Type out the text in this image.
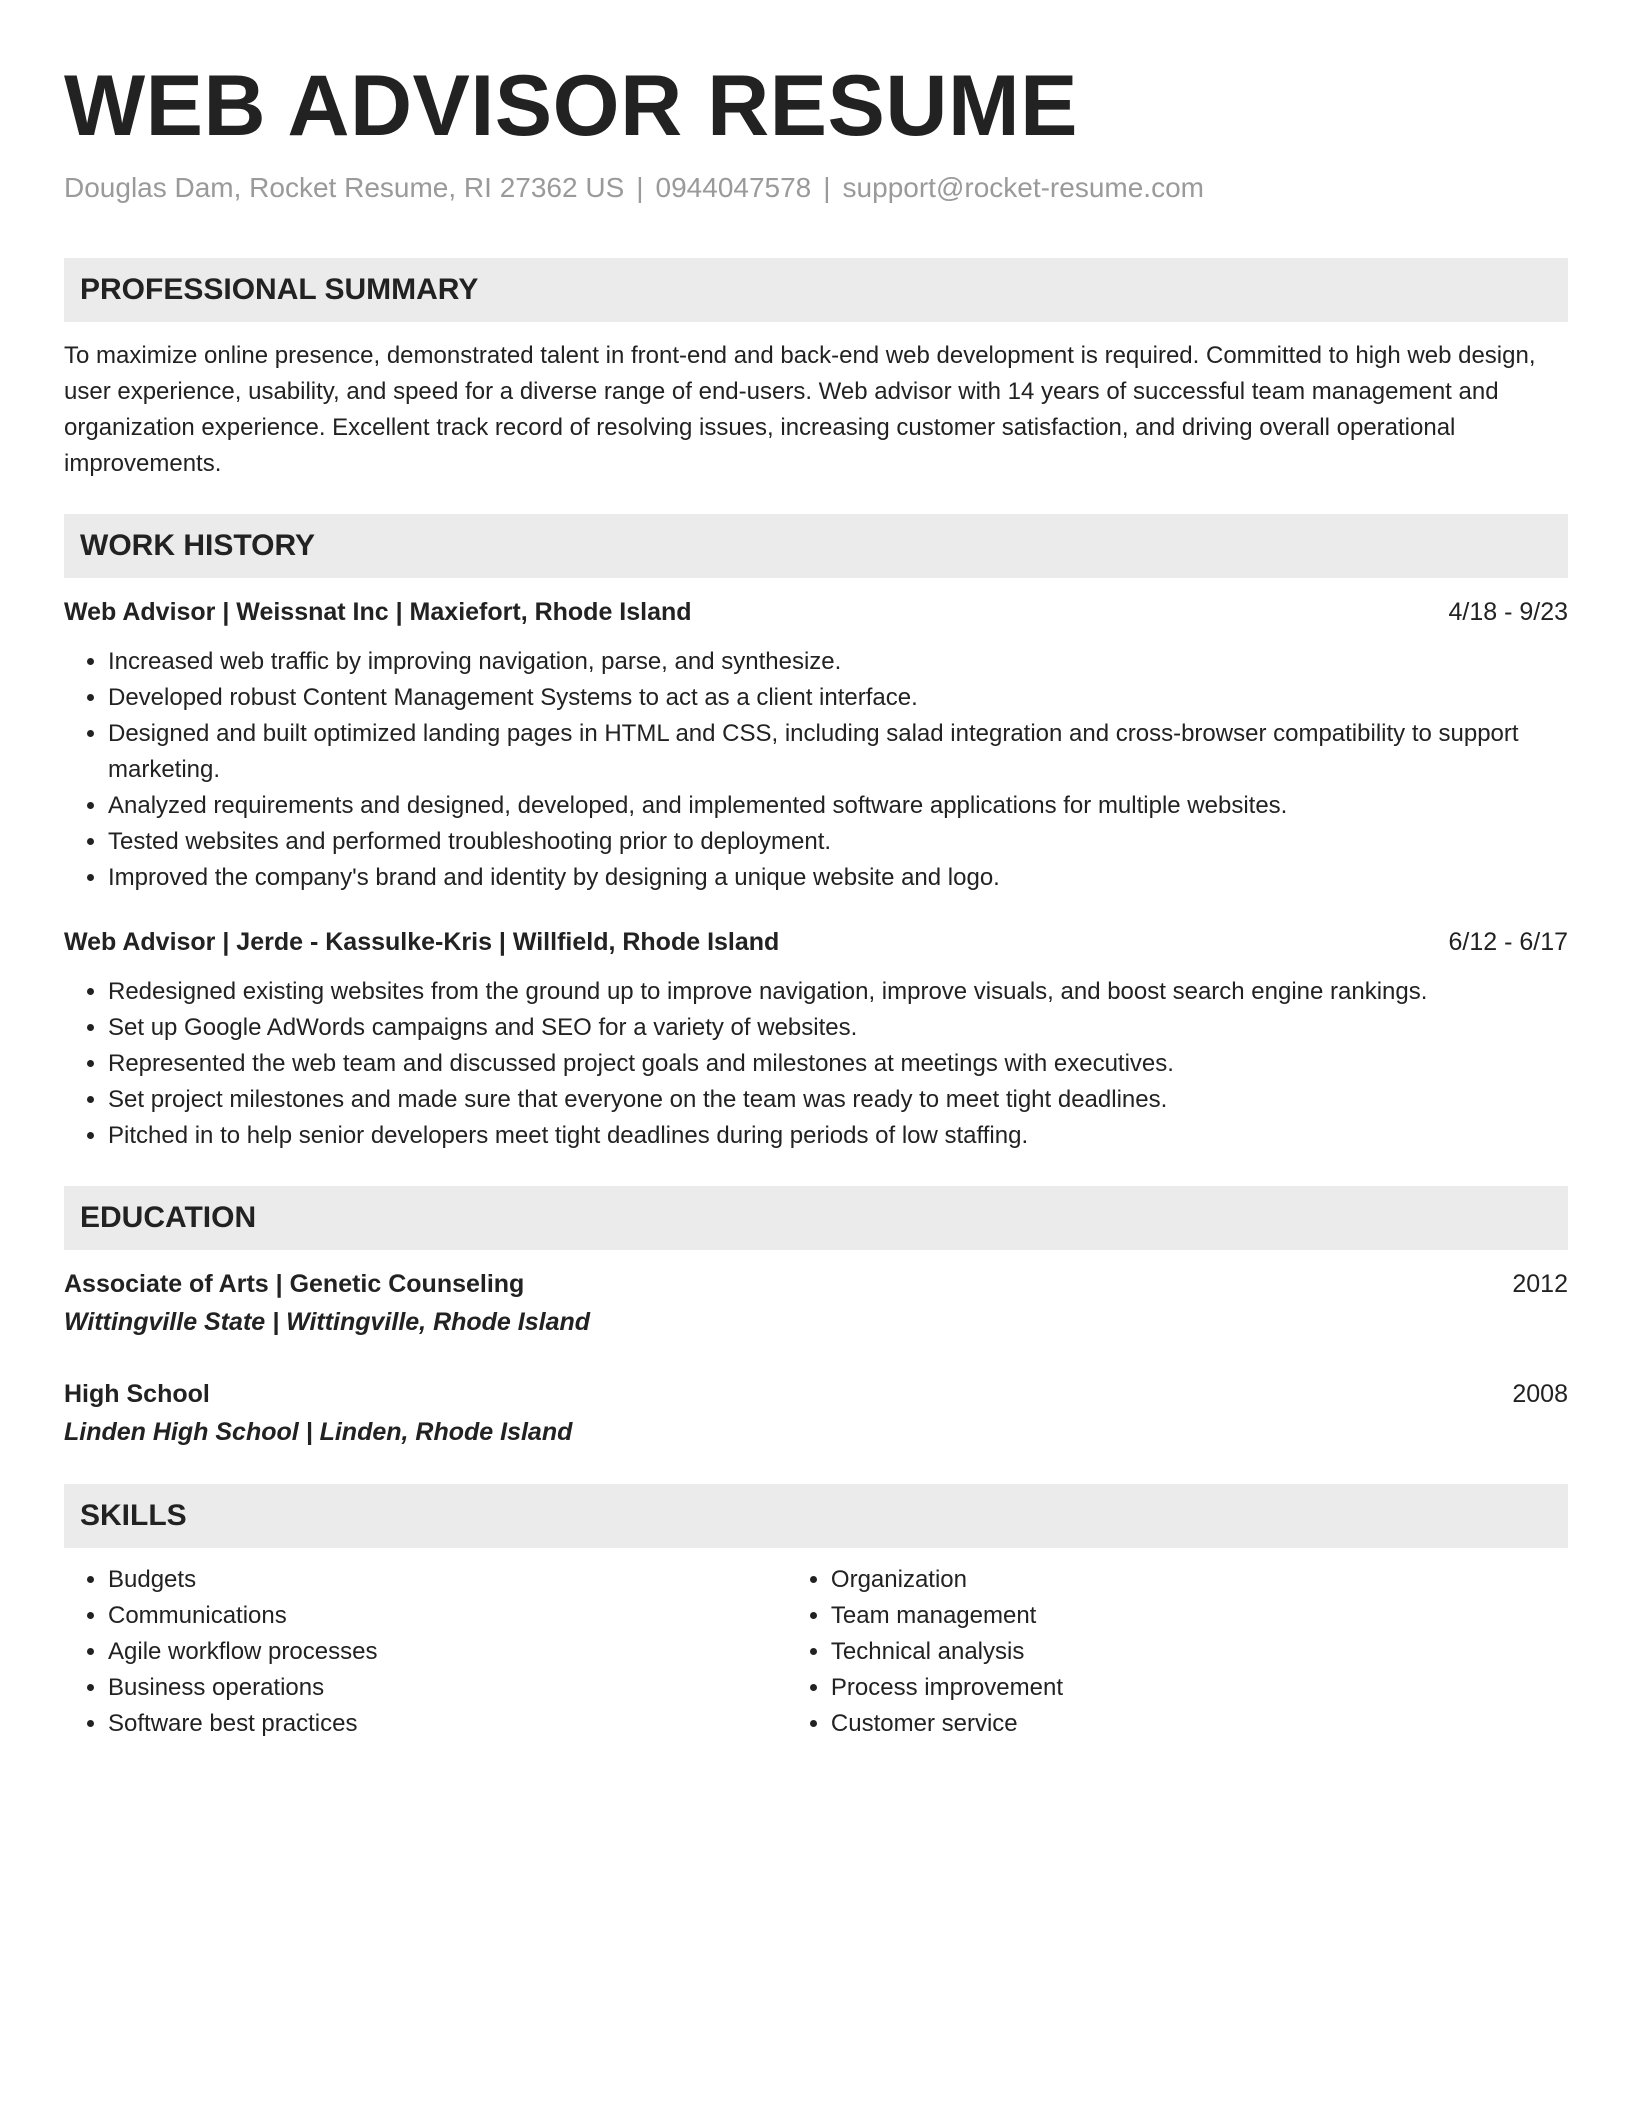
WEB ADVISOR RESUME
Douglas Dam, Rocket Resume, RI 27362 US | 0944047578 | support@rocket-resume.com
PROFESSIONAL SUMMARY
To maximize online presence, demonstrated talent in front-end and back-end web development is required. Committed to high web design, user experience, usability, and speed for a diverse range of end-users. Web advisor with 14 years of successful team management and organization experience. Excellent track record of resolving issues, increasing customer satisfaction, and driving overall operational improvements.
WORK HISTORY
Web Advisor | Weissnat Inc | Maxiefort, Rhode Island	4/18 - 9/23
• Increased web traffic by improving navigation, parse, and synthesize.
• Developed robust Content Management Systems to act as a client interface.
• Designed and built optimized landing pages in HTML and CSS, including salad integration and cross-browser compatibility to support marketing.
• Analyzed requirements and designed, developed, and implemented software applications for multiple websites.
• Tested websites and performed troubleshooting prior to deployment.
• Improved the company's brand and identity by designing a unique website and logo.
Web Advisor | Jerde - Kassulke-Kris | Willfield, Rhode Island	6/12 - 6/17
• Redesigned existing websites from the ground up to improve navigation, improve visuals, and boost search engine rankings.
• Set up Google AdWords campaigns and SEO for a variety of websites.
• Represented the web team and discussed project goals and milestones at meetings with executives.
• Set project milestones and made sure that everyone on the team was ready to meet tight deadlines.
• Pitched in to help senior developers meet tight deadlines during periods of low staffing.
EDUCATION
Associate of Arts | Genetic Counseling	2012
Wittingville State | Wittingville, Rhode Island
High School	2008
Linden High School | Linden, Rhode Island
SKILLS
• Budgets
• Communications
• Agile workflow processes
• Business operations
• Software best practices
• Organization
• Team management
• Technical analysis
• Process improvement
• Customer service
